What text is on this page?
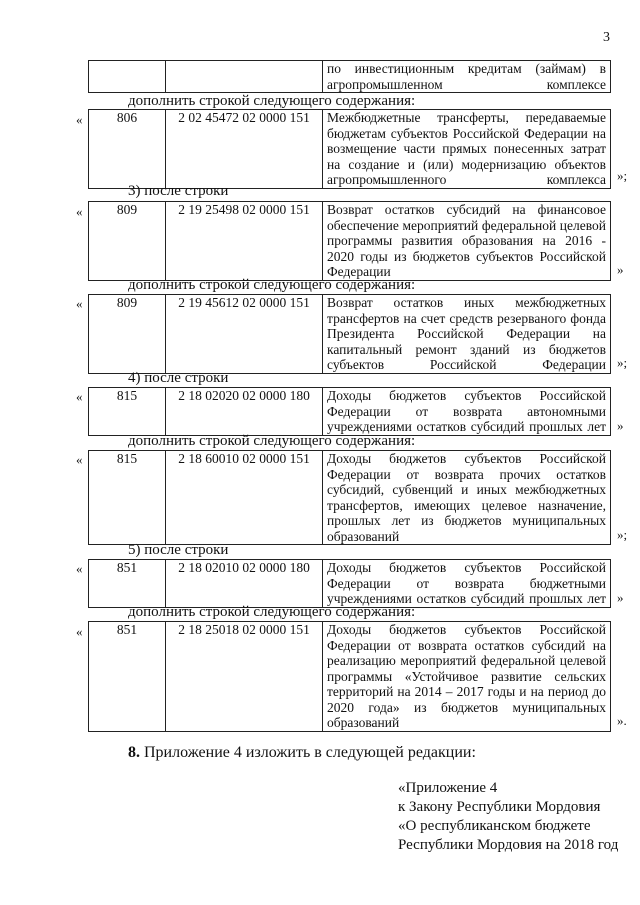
3
		по инвестиционным кредитам (займам) в агропромышленном комплексе
дополнить строкой следующего содержания:
«	806	2 02 45472 02 0000 151	Межбюджетные трансферты, передаваемые бюджетам субъектов Российской Федерации на возмещение части прямых понесенных затрат на создание и (или) модернизацию объектов агропромышленного комплекса »;
3) после строки
«	809	2 19 25498 02 0000 151	Возврат остатков субсидий на финансовое обеспечение мероприятий федеральной целевой программы развития образования на 2016 - 2020 годы из бюджетов субъектов Российской Федерации	»
дополнить строкой следующего содержания:
«	809	2 19 45612 02 0000 151	Возврат остатков иных межбюджетных трансфертов на счет средств резерваного фонда Президента Российской Федерации на капитальный ремонт зданий из бюджетов субъектов Российской Федерации »;
4) после строки
«	815	2 18 02020 02 0000 180	Доходы бюджетов субъектов Российской Федерации от возврата автономными учреждениями остатков субсидий прошлых лет »
дополнить строкой следующего содержания:
«	815	2 18 60010 02 0000 151	Доходы бюджетов субъектов Российской Федерации от возврата прочих остатков субсидий, субвенций и иных межбюджетных трансфертов, имеющих целевое назначение, прошлых лет из бюджетов муниципальных образований	»;
5) после строки
«	851	2 18 02010 02 0000 180	Доходы бюджетов субъектов Российской Федерации от возврата бюджетными учреждениями остатков субсидий прошлых лет »
дополнить строкой следующего содержания:
«	851	2 18 25018 02 0000 151	Доходы бюджетов субъектов Российской Федерации от возврата остатков субсидий на реализацию мероприятий федеральной целевой программы «Устойчивое развитие сельских территорий на 2014 – 2017 годы и на период до 2020 года» из бюджетов муниципальных образований	».
8. Приложение 4 изложить в следующей редакции:
«Приложение 4
к Закону Республики Мордовия
«О республиканском бюджете
Республики Мордовия на 2018 год
